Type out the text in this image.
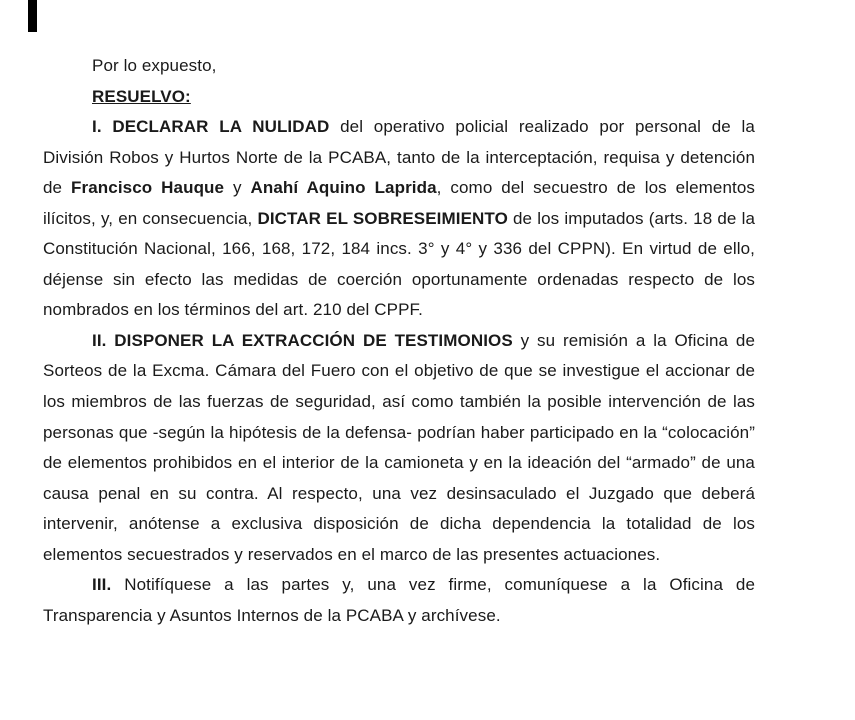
Por lo expuesto,

RESUELVO:

I. DECLARAR LA NULIDAD del operativo policial realizado por personal de la División Robos y Hurtos Norte de la PCABA, tanto de la interceptación, requisa y detención de Francisco Hauque y Anahí Aquino Laprida, como del secuestro de los elementos ilícitos, y, en consecuencia, DICTAR EL SOBRESEIMIENTO de los imputados (arts. 18 de la Constitución Nacional, 166, 168, 172, 184 incs. 3° y 4° y 336 del CPPN). En virtud de ello, déjense sin efecto las medidas de coerción oportunamente ordenadas respecto de los nombrados en los términos del art. 210 del CPPF.

II. DISPONER LA EXTRACCIÓN DE TESTIMONIOS y su remisión a la Oficina de Sorteos de la Excma. Cámara del Fuero con el objetivo de que se investigue el accionar de los miembros de las fuerzas de seguridad, así como también la posible intervención de las personas que -según la hipótesis de la defensa- podrían haber participado en la “colocación” de elementos prohibidos en el interior de la camioneta y en la ideación del “armado” de una causa penal en su contra. Al respecto, una vez desinsaculado el Juzgado que deberá intervenir, anótense a exclusiva disposición de dicha dependencia la totalidad de los elementos secuestrados y reservados en el marco de las presentes actuaciones.

III. Notifíquese a las partes y, una vez firme, comuníquese a la Oficina de Transparencia y Asuntos Internos de la PCABA y archívese.
